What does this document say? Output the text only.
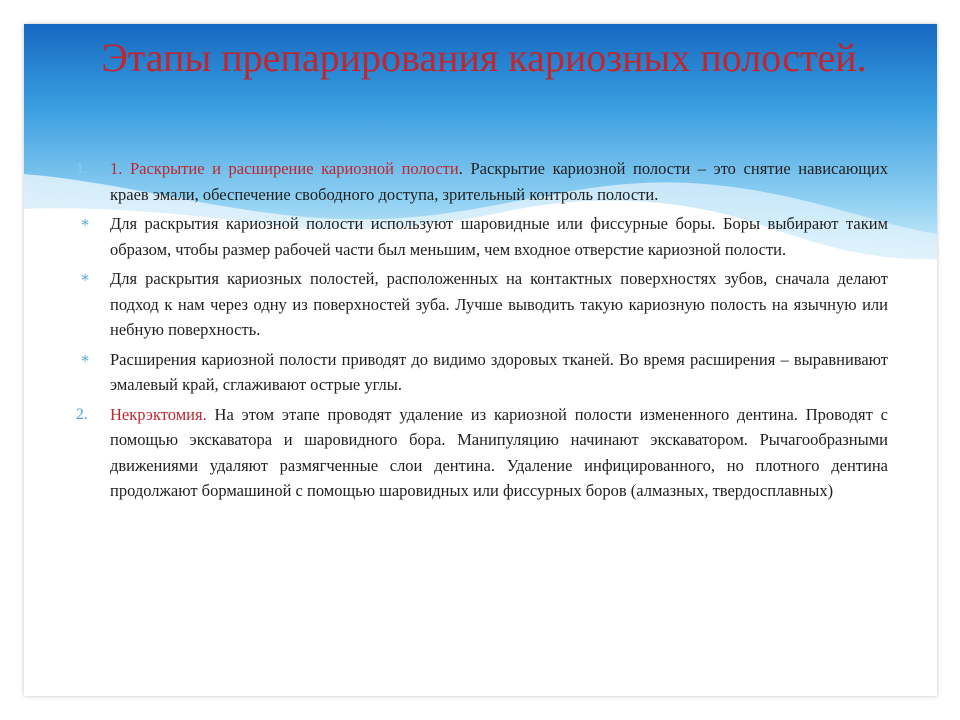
Этапы препарирования кариозных полостей.
1.	1. Раскрытие и расширение кариозной полости. Раскрытие кариозной полости – это снятие нависающих краев эмали, обеспечение свободного доступа, зрительный контроль полости.
∗	Для раскрытия кариозной полости используют шаровидные или фиссурные боры. Боры выбирают таким образом, чтобы размер рабочей части был меньшим, чем входное отверстие кариозной полости.
∗	Для раскрытия кариозных полостей, расположенных на контактных поверхностях зубов, сначала делают подход к нам через одну из поверхностей зуба. Лучше выводить такую кариозную полость на язычную или небную поверхность.
∗	Расширения кариозной полости приводят до видимо здоровых тканей. Во время расширения – выравнивают эмалевый край, сглаживают острые углы.
2.	Некрэктомия. На этом этапе проводят удаление из кариозной полости измененного дентина. Проводят с помощью экскаватора и шаровидного бора. Манипуляцию начинают экскаватором. Рычагообразными движениями удаляют размягченные слои дентина. Удаление инфицированного, но плотного дентина продолжают бормашиной с помощью шаровидных или фиссурных боров (алмазных, твердосплавных)
